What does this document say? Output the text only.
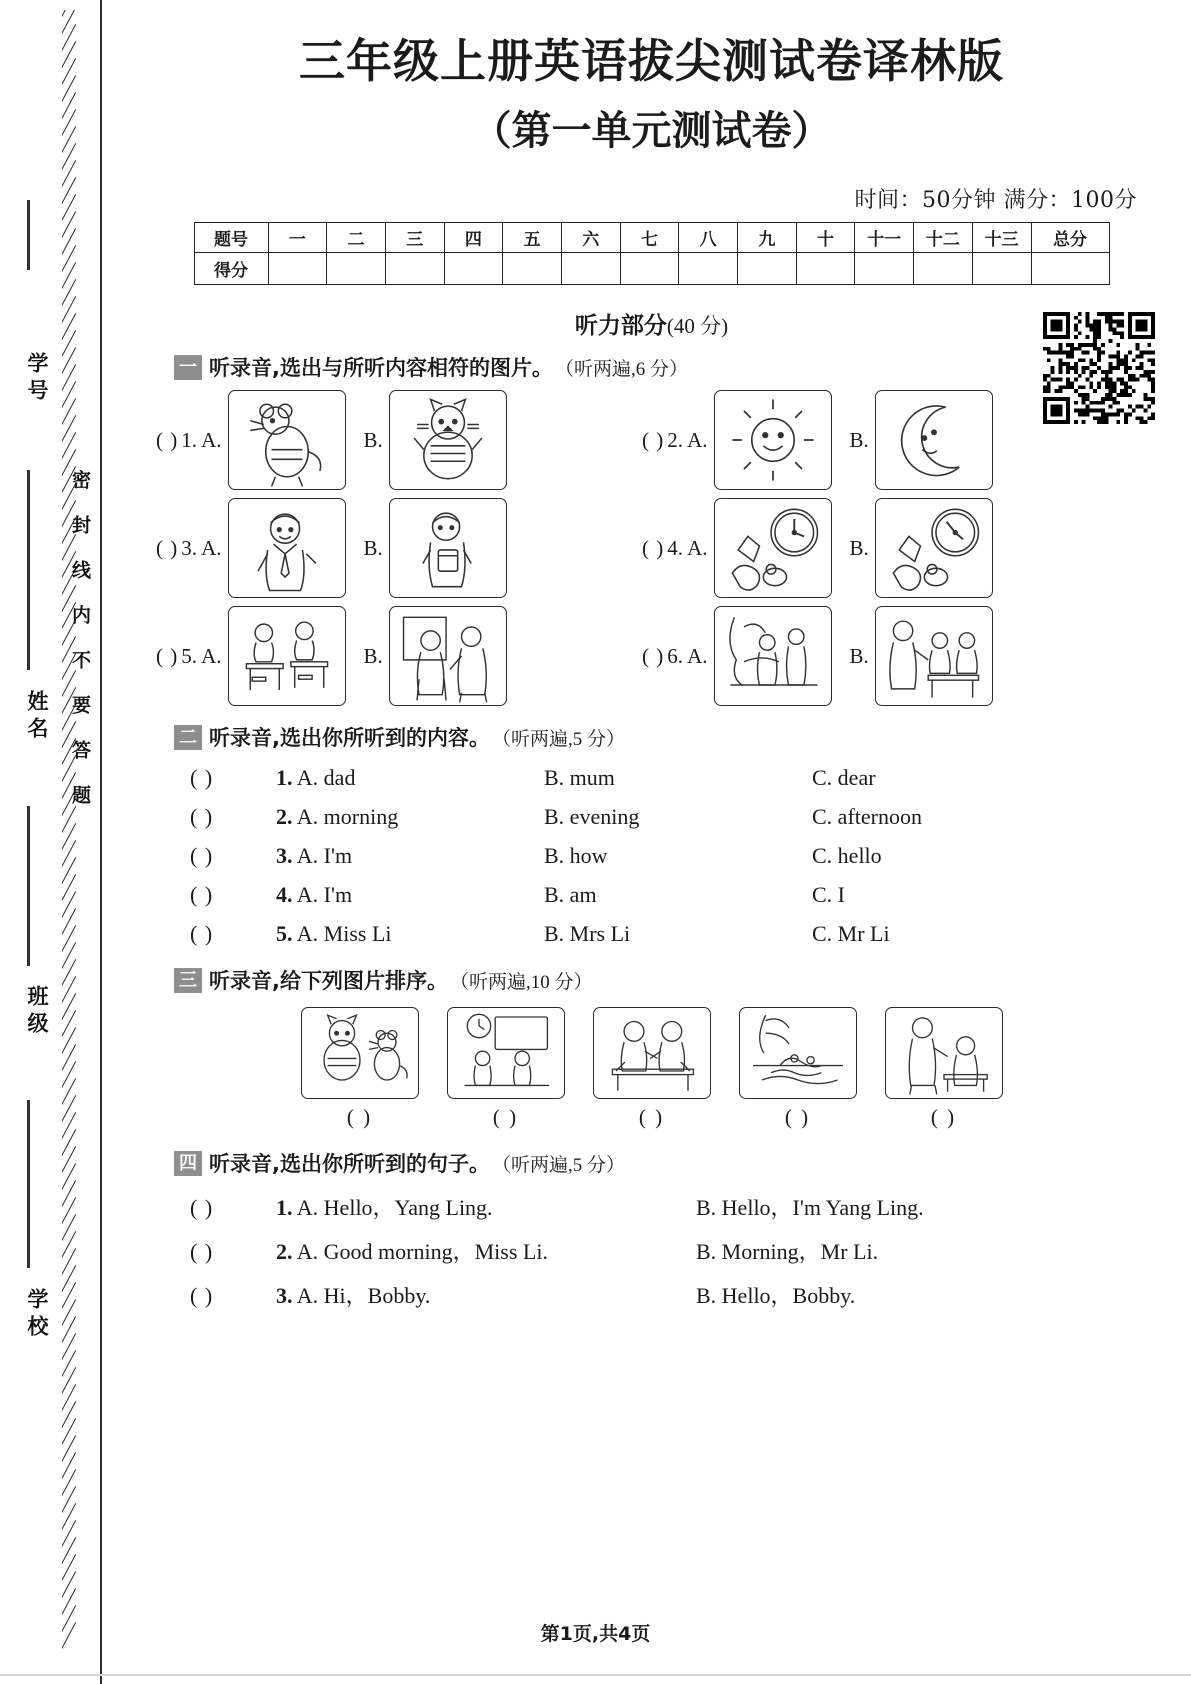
学号
姓名
班级
学校
密封线内不要答题
三年级上册英语拔尖测试卷译林版
（第一单元测试卷）
时间：50分钟 满分：100分
题号	一	二	三	四	五	六	七	八	九	十	十一	十二	十三	总分
得分														
听力部分(40 分)
一 听录音,选出与所听内容相符的图片。 （听两遍,6 分）
( ) 1. A.	B.	( ) 2. A.	B.
( ) 3. A.	B.	( ) 4. A.	B.
( ) 5. A.	B.	( ) 6. A.	B.
二 听录音,选出你所听到的内容。 （听两遍,5 分）
( )	1. A. dad	B. mum	C. dear
( )	2. A. morning	B. evening	C. afternoon
( )	3. A. I'm	B. how	C. hello
( )	4. A. I'm	B. am	C. I
( )	5. A. Miss Li	B. Mrs Li	C. Mr Li
三 听录音,给下列图片排序。 （听两遍,10 分）
( )	( )	( )	( )	( )
四 听录音,选出你所听到的句子。 （听两遍,5 分）
( )	1. A. Hello，Yang Ling.	B. Hello，I'm Yang Ling.
( )	2. A. Good morning，Miss Li.	B. Morning，Mr Li.
( )	3. A. Hi，Bobby.	B. Hello，Bobby.
第1页,共4页
